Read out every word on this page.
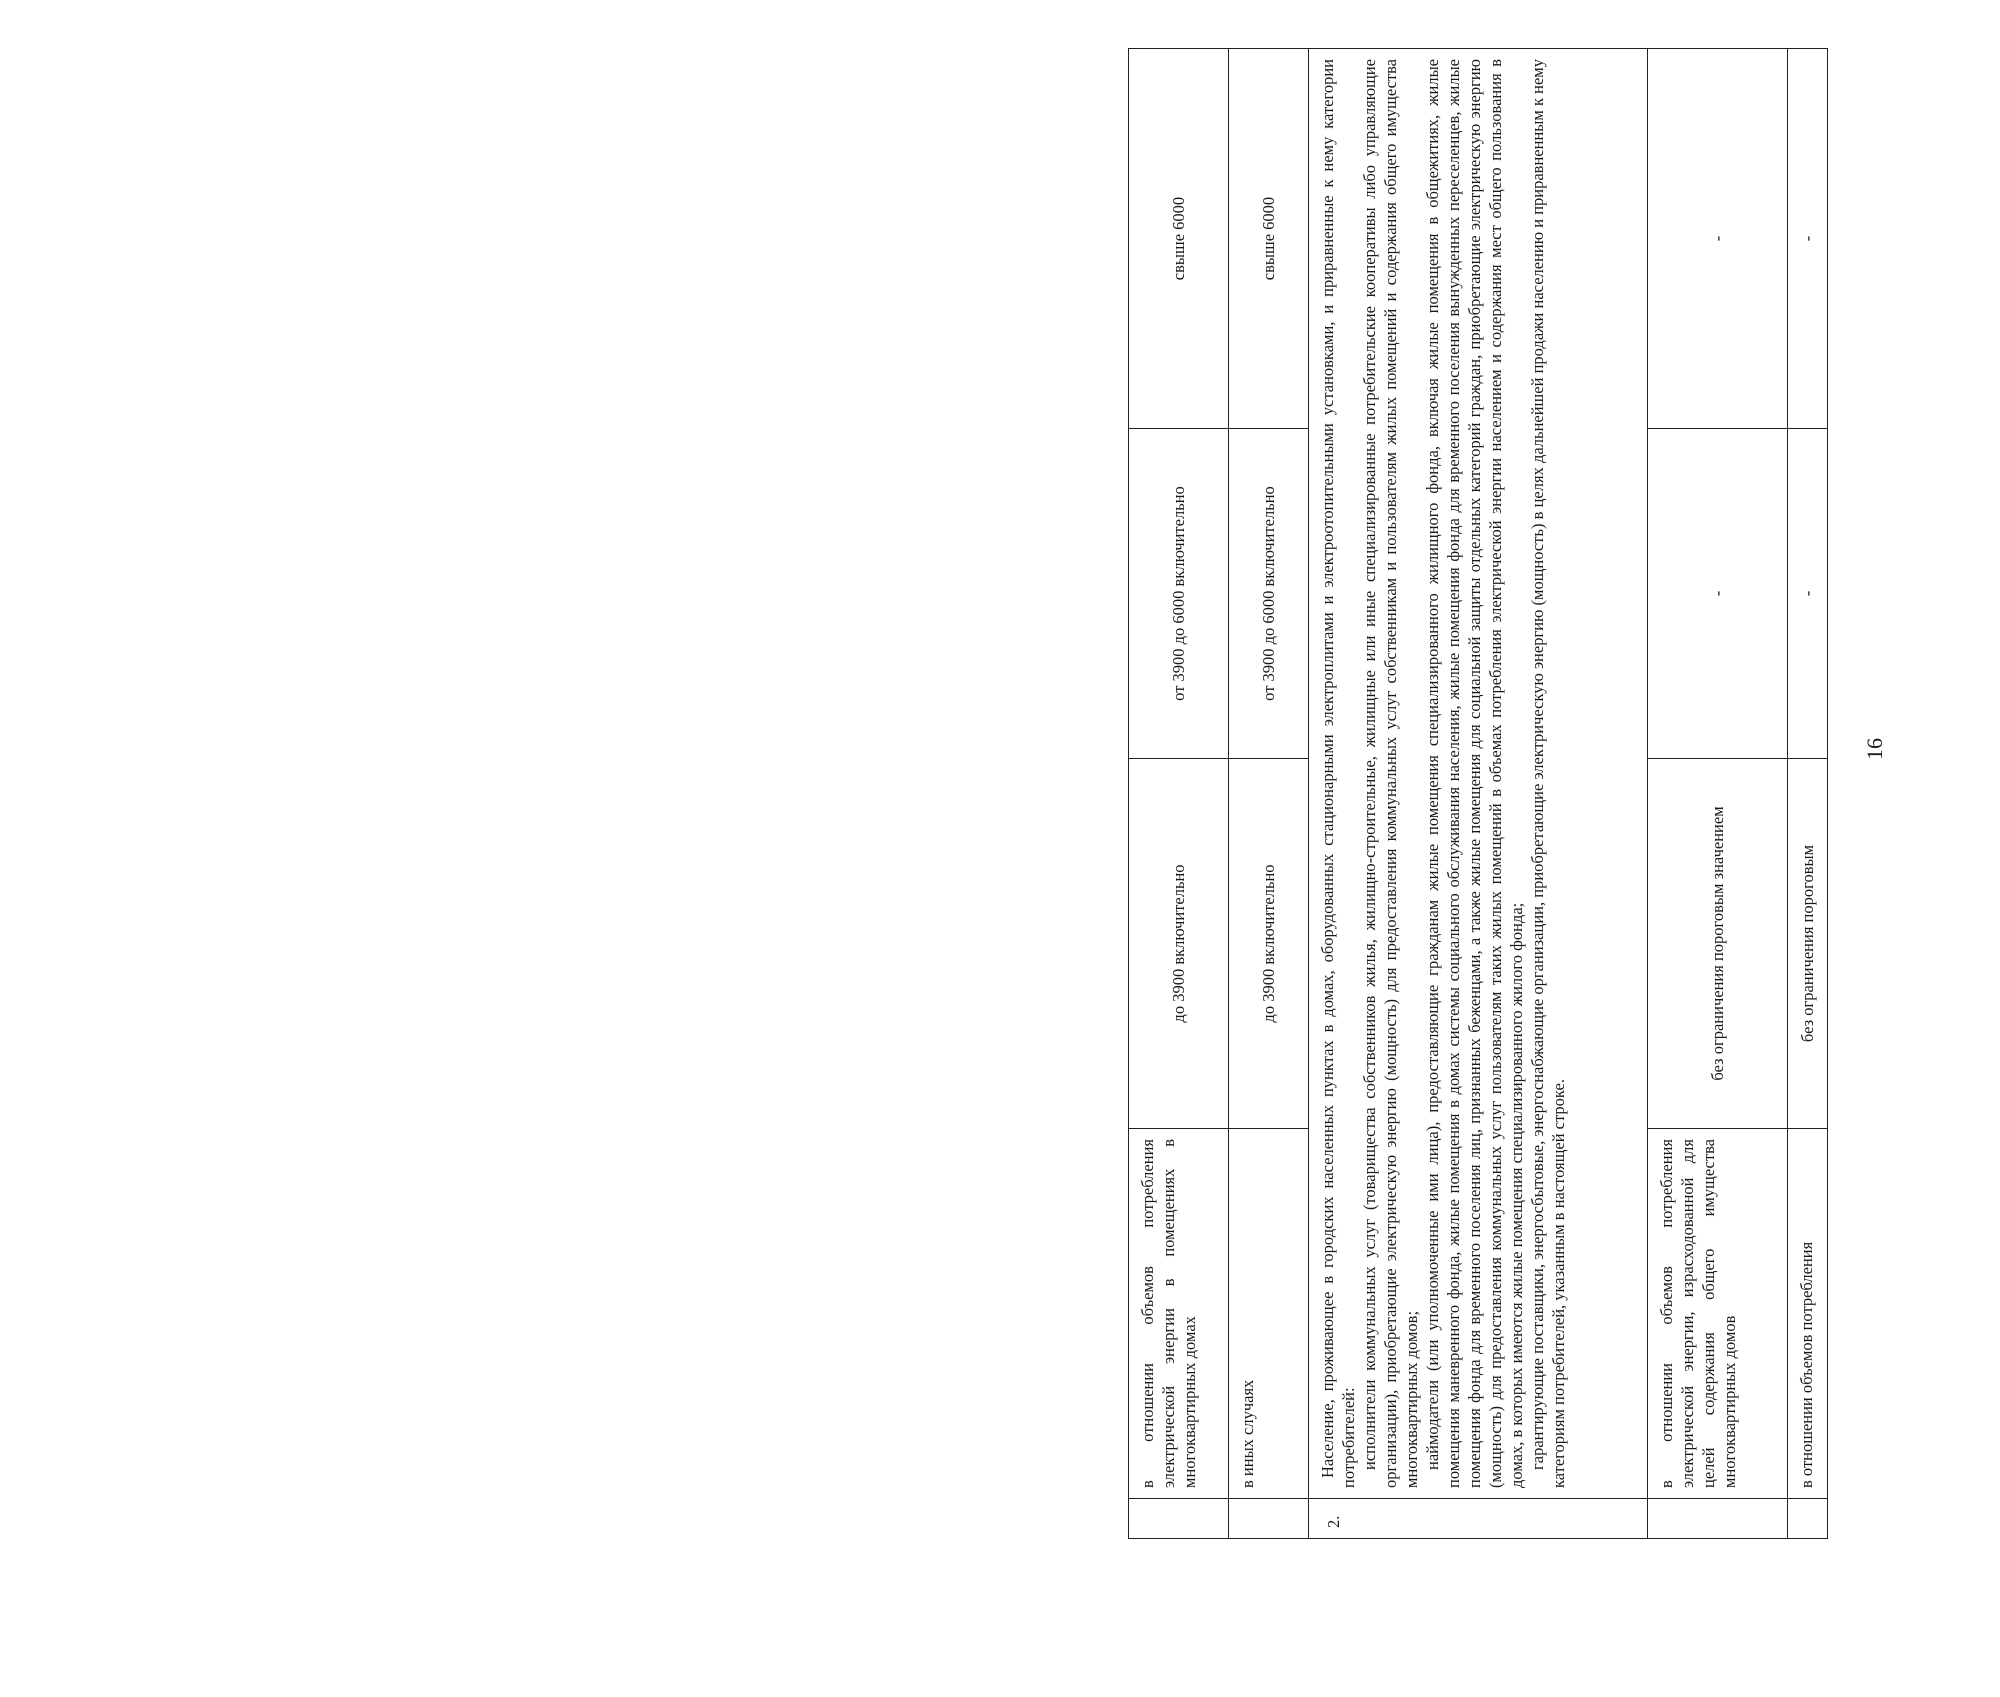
16
	в отношении объемов потребления электрической энергии в помещениях в многоквартирных домах	до 3900 включительно	от 3900 до 6000 включительно	свыше 6000
	в иных случаях	до 3900 включительно	от 3900 до 6000 включительно	свыше 6000
2.	Население, проживающее в городских населенных пунктах в домах, оборудованных стационарными электроплитами и электроотопительными установками, и приравненные к нему категории потребителей: исполнители коммунальных услуг (товарищества собственников жилья, жилищно-строительные, жилищные или иные специализированные потребительские кооперативы либо управляющие организации), приобретающие электрическую энергию (мощность) для предоставления коммунальных услуг собственникам и пользователям жилых помещений и содержания общего имущества многоквартирных домов; наймодатели (или уполномоченные ими лица), предоставляющие гражданам жилые помещения специализированного жилищного фонда, включая жилые помещения в общежитиях, жилые помещения маневренного фонда, жилые помещения в домах системы социального обслуживания населения, жилые помещения фонда для временного поселения вынужденных переселенцев, жилые помещения фонда для временного поселения лиц, признанных беженцами, а также жилые помещения для социальной защиты отдельных категорий граждан, приобретающие электрическую энергию (мощность) для предоставления коммунальных услуг пользователям таких жилых помещений в объемах потребления электрической энергии населением и содержания мест общего пользования в домах, в которых имеются жилые помещения специализированного жилого фонда; гарантирующие поставщики, энергосбытовые, энергоснабжающие организации, приобретающие электрическую энергию (мощность) в целях дальнейшей продажи населению и приравненным к нему категориям потребителей, указанным в настоящей строке.			

	в отношении объемов потребления электрической энергии, израсходованной для целей содержания общего имущества многоквартирных домов	без ограничения пороговым значением	-	-
	в отношении объемов потребления	без ограничения пороговым	-	-
